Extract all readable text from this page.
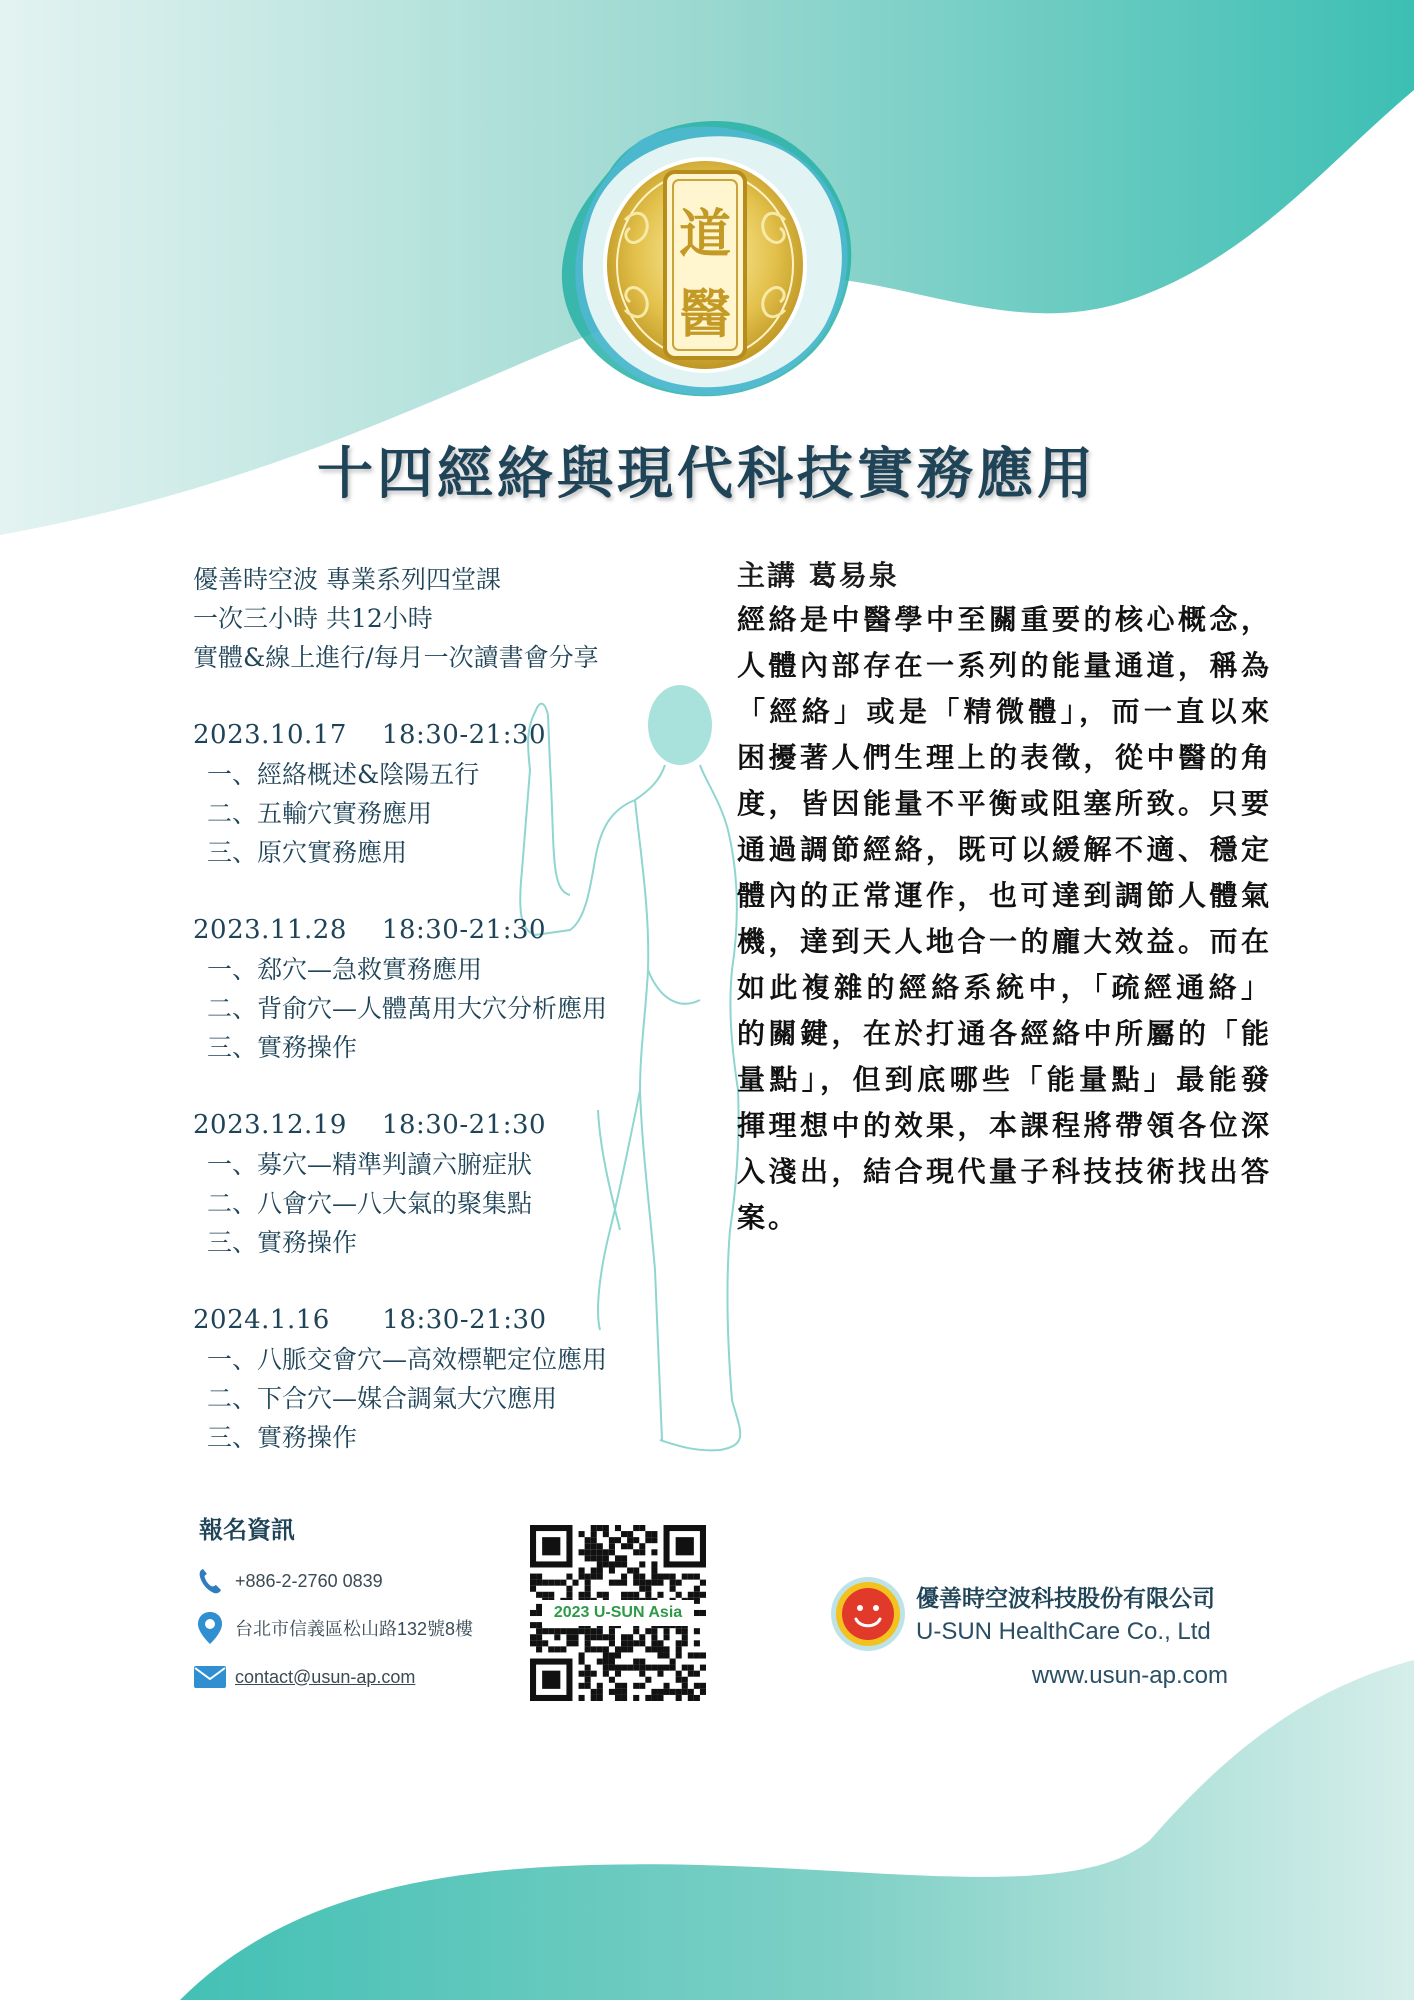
道
醫
十四經絡與現代科技實務應用

優善時空波 專業系列四堂課

一次三小時 共12小時

實體&線上進行/每月一次讀書會分享

2023.10.17    18:30-21:30

一、經絡概述&陰陽五行

二、五輸穴實務應用

三、原穴實務應用

2023.11.28    18:30-21:30

一、郄穴—急救實務應用

二、背俞穴—人體萬用大穴分析應用

三、實務操作

2023.12.19    18:30-21:30

一、募穴—精準判讀六腑症狀

二、八會穴—八大氣的聚集點

三、實務操作

2024.1.16      18:30-21:30

一、八脈交會穴—高效標靶定位應用

二、下合穴—媒合調氣大穴應用

三、實務操作

主講 葛易泉
經絡是中醫學中至關重要的核心概念，人體內部存在一系列的能量通道，稱為「經絡」或是「精微體」，而一直以來困擾著人們生理上的表徵，從中醫的角度，皆因能量不平衡或阻塞所致。只要通過調節經絡，既可以緩解不適、穩定體內的正常運作，也可達到調節人體氣機，達到天人地合一的龐大效益。而在如此複雜的經絡系統中，「疏經通絡」的關鍵，在於打通各經絡中所屬的「能量點」，但到底哪些「能量點」最能發揮理想中的效果，本課程將帶領各位深入淺出，結合現代量子科技技術找出答案。
報名資訊
+886-2-2760 0839
台北市信義區松山路132號8樓
contact@usun-ap.com
2023 U-SUN Asia
優善時空波科技股份有限公司
U-SUN HealthCare Co., Ltd
www.usun-ap.com
